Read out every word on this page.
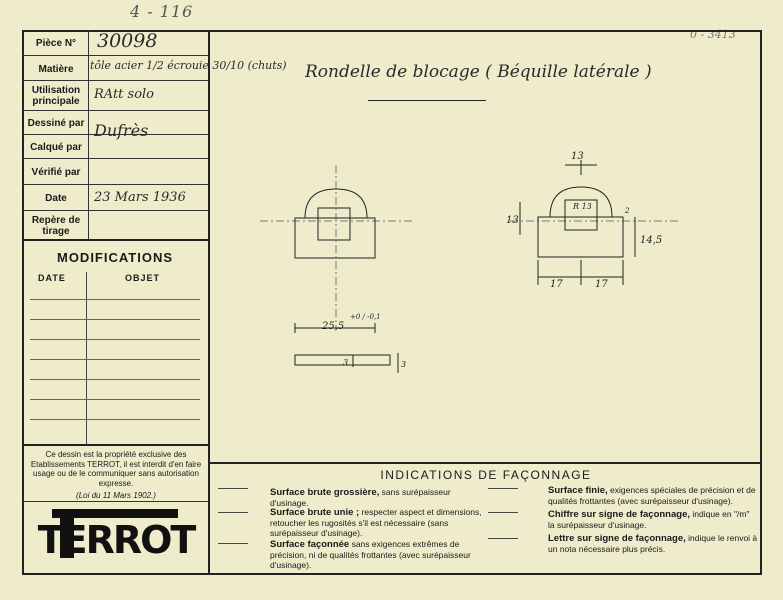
4 - 116
0 - 3413
Pièce N°	30098
Matière	tôle acier 1/2 écrouie 30/10 (chuts)
Utilisation principale	RAtt solo
Dessiné par Dufrès
Calqué par
Vérifié par
Date	23 Mars 1936
Repère de tirage
MODIFICATIONS
DATE	OBJET
Ce dessin est la propriété exclusive des Etablissements TERROT, il est interdit d'en faire usage ou de le communiquer sans autorisation expresse.
(Loi du 11 Mars 1902.)
TERROT
Rondelle de blocage ( Béquille latérale )
13
13
14,5
2
17	17
R 13
25,5
+0 / -0,1
3	3
INDICATIONS DE FAÇONNAGE
Surface brute grossière, sans surépaisseur d'usinage.
Surface brute unie ; respecter aspect et dimensions, retoucher les rugosités s'il est nécessaire (sans surépaisseur d'usinage).
Surface façonnée sans exigences extrêmes de précision, ni de qualités frottantes (avec surépaisseur d'usinage).
Surface finie, exigences spéciales de précision et de qualités frottantes (avec surépaisseur d'usinage).
Chiffre sur signe de façonnage, indique en "/m" la surépaisseur d'usinage.
Lettre sur signe de façonnage, indique le renvoi à un nota nécessaire plus précis.
